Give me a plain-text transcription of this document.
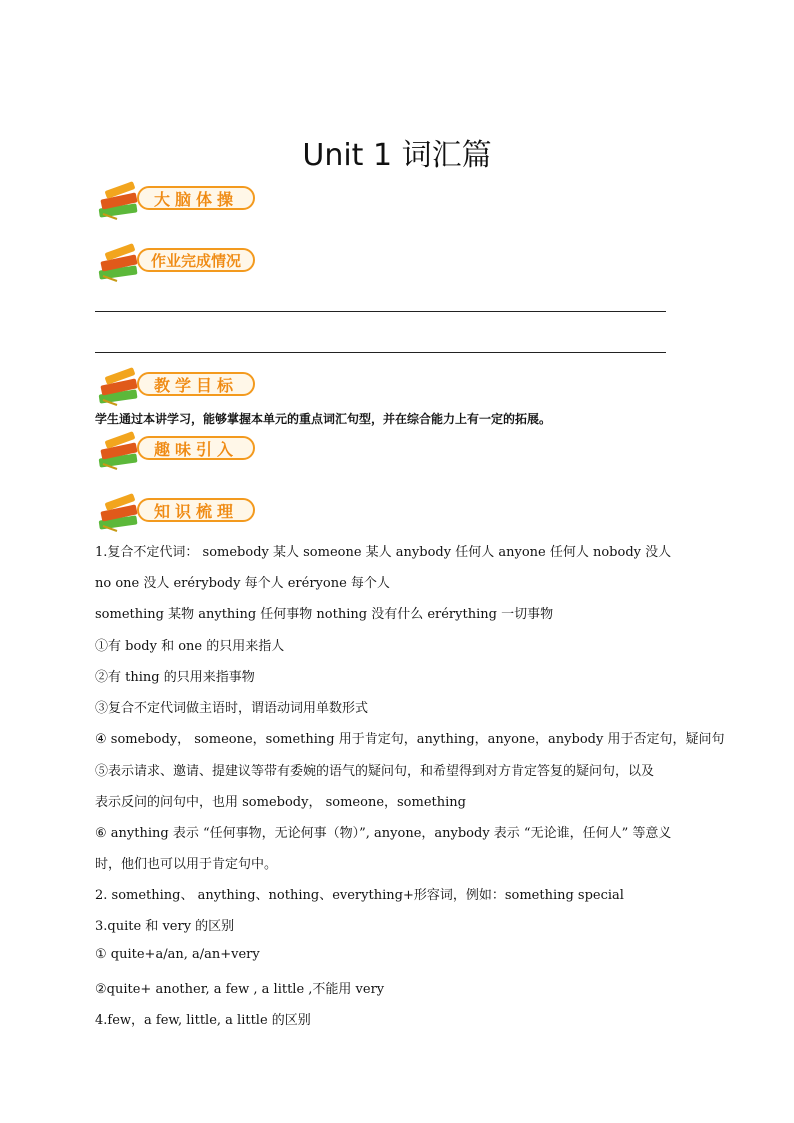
Unit 1 词汇篇
大脑体操
作业完成情况
教学目标
学生通过本讲学习，能够掌握本单元的重点词汇句型，并在综合能力上有一定的拓展。
趣味引入
知识梳理
1.复合不定代词： somebody 某人 someone 某人 anybody 任何人 anyone 任何人 nobody 没人
no one 没人 erérybody 每个人 eréryone 每个人
something 某物 anything 任何事物 nothing 没有什么 erérything 一切事物
①有 body 和 one 的只用来指人
②有 thing 的只用来指事物
③复合不定代词做主语时，谓语动词用单数形式
④ somebody， someone，something 用于肯定句，anything，anyone，anybody 用于否定句，疑问句
⑤表示请求、邀请、提建议等带有委婉的语气的疑问句，和希望得到对方肯定答复的疑问句，以及
表示反问的问句中，也用 somebody， someone，something
⑥ anything 表示 “任何事物，无论何事（物）”, anyone，anybody 表示 “无论谁，任何人” 等意义
时，他们也可以用于肯定句中。
2. something、 anything、nothing、everything+形容词，例如：something special
3.quite 和 very 的区别
① quite+a/an, a/an+very
②quite+ another, a few , a little ,不能用 very
4.few，a few, little, a little 的区别
